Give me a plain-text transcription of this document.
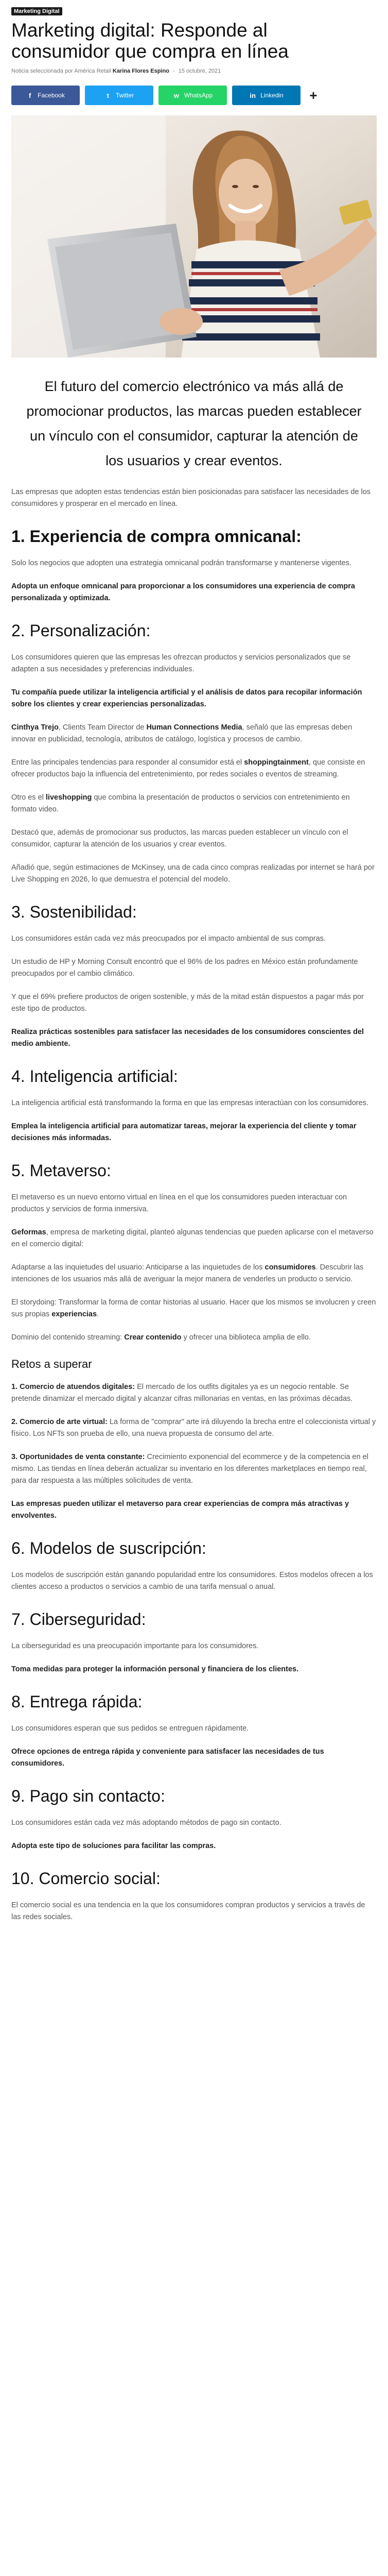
Marketing Digital
Marketing digital: Responde al consumidor que compra en línea
Noticia seleccionada por América Retail Karina Flores Espino - 15 octubre, 2021
f	Facebook	t	Twitter	w WhatsApp	in Linkedin +
El futuro del comercio electrónico va más allá de promocionar productos, las marcas pueden establecer un vínculo con el consumidor, capturar la atención de los usuarios y crear eventos.

Las empresas que adopten estas tendencias están bien posicionadas para satisfacer las necesidades de los consumidores y prosperar en el mercado en línea.

1. Experiencia de compra omnicanal:

Solo los negocios que adopten una estrategia omnicanal podrán transformarse y mantenerse vigentes.

Adopta un enfoque omnicanal para proporcionar a los consumidores una experiencia de compra personalizada y optimizada.

2. Personalización:

Los consumidores quieren que las empresas les ofrezcan productos y servicios personalizados que se adapten a sus necesidades y preferencias individuales.

Tu compañía puede utilizar la inteligencia artificial y el análisis de datos para recopilar información sobre los clientes y crear experiencias personalizadas.

Cinthya Trejo, Clients Team Director de Human Connections Media, señaló que las empresas deben innovar en publicidad, tecnología, atributos de catálogo, logística y procesos de cambio.

Entre las principales tendencias para responder al consumidor está el shoppingtainment, que consiste en ofrecer productos bajo la influencia del entretenimiento, por redes sociales o eventos de streaming.

Otro es el liveshopping que combina la presentación de productos o servicios con entretenimiento en formato video.

Destacó que, además de promocionar sus productos, las marcas pueden establecer un vínculo con el consumidor, capturar la atención de los usuarios y crear eventos.

Añadió que, según estimaciones de McKinsey, una de cada cinco compras realizadas por internet se hará por Live Shopping en 2026, lo que demuestra el potencial del modelo.

3. Sostenibilidad:

Los consumidores están cada vez más preocupados por el impacto ambiental de sus compras.

Un estudio de HP y Morning Consult encontró que el 96% de los padres en México están profundamente preocupados por el cambio climático.

Y que el 69% prefiere productos de origen sostenible, y más de la mitad están dispuestos a pagar más por este tipo de productos.

Realiza prácticas sostenibles para satisfacer las necesidades de los consumidores conscientes del medio ambiente.

4. Inteligencia artificial:

La inteligencia artificial está transformando la forma en que las empresas interactúan con los consumidores.

Emplea la inteligencia artificial para automatizar tareas, mejorar la experiencia del cliente y tomar decisiones más informadas.

5. Metaverso:

El metaverso es un nuevo entorno virtual en línea en el que los consumidores pueden interactuar con productos y servicios de forma inmersiva.

Geformas, empresa de marketing digital, planteó algunas tendencias que pueden aplicarse con el metaverso en el comercio digital:

Adaptarse a las inquietudes del usuario: Anticiparse a las inquietudes de los consumidores. Descubrir las intenciones de los usuarios más allá de averiguar la mejor manera de venderles un producto o servicio.

El storydoing: Transformar la forma de contar historias al usuario. Hacer que los mismos se involucren y creen sus propias experiencias.

Dominio del contenido streaming: Crear contenido y ofrecer una biblioteca amplia de ello.

Retos a superar

1. Comercio de atuendos digitales: El mercado de los outfits digitales ya es un negocio rentable. Se pretende dinamizar el mercado digital y alcanzar cifras millonarias en ventas, en las próximas décadas.

2. Comercio de arte virtual: La forma de "comprar" arte irá diluyendo la brecha entre el coleccionista virtual y físico. Los NFTs son prueba de ello, una nueva propuesta de consumo del arte.

3. Oportunidades de venta constante: Crecimiento exponencial del ecommerce y de la competencia en el mismo. Las tiendas en línea deberán actualizar su inventario en los diferentes marketplaces en tiempo real, para dar respuesta a las múltiples solicitudes de venta.

Las empresas pueden utilizar el metaverso para crear experiencias de compra más atractivas y envolventes.

6. Modelos de suscripción:

Los modelos de suscripción están ganando popularidad entre los consumidores. Estos modelos ofrecen a los clientes acceso a productos o servicios a cambio de una tarifa mensual o anual.

7. Ciberseguridad:

La ciberseguridad es una preocupación importante para los consumidores.

Toma medidas para proteger la información personal y financiera de los clientes.

8. Entrega rápida:

Los consumidores esperan que sus pedidos se entreguen rápidamente.

Ofrece opciones de entrega rápida y conveniente para satisfacer las necesidades de tus consumidores.

9. Pago sin contacto:

Los consumidores están cada vez más adoptando métodos de pago sin contacto.

Adopta este tipo de soluciones para facilitar las compras.

10. Comercio social:

El comercio social es una tendencia en la que los consumidores compran productos y servicios a través de las redes sociales.
